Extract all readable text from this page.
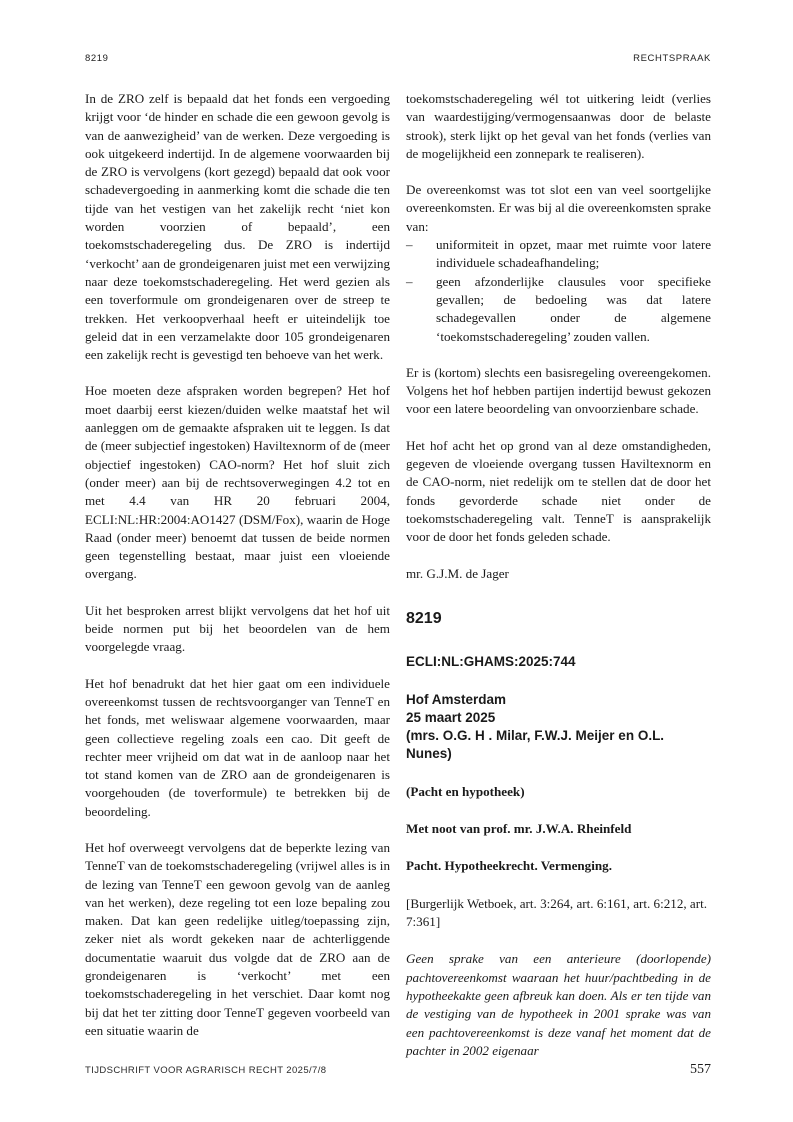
8219	RECHTSPRAAK

In de ZRO zelf is bepaald dat het fonds een vergoeding krijgt voor ‘de hinder en schade die een gewoon gevolg is van de aanwezigheid’ van de werken. Deze vergoeding is ook uitgekeerd indertijd. In de algemene voorwaarden bij de ZRO is vervolgens (kort gezegd) bepaald dat ook voor schadevergoeding in aanmerking komt die schade die ten tijde van het vestigen van het zakelijk recht ‘niet kon worden voorzien of bepaald’, een toekomstschaderegeling dus. De ZRO is indertijd ‘verkocht’ aan de grondeigenaren juist met een verwijzing naar deze toekomstschaderegeling. Het werd gezien als een toverformule om grondeigenaren over de streep te trekken. Het verkoopverhaal heeft er uiteindelijk toe geleid dat in een verzamelakte door 105 grondeigenaren een zakelijk recht is gevestigd ten behoeve van het werk.

Hoe moeten deze afspraken worden begrepen? Het hof moet daarbij eerst kiezen/duiden welke maatstaf het wil aanleggen om de gemaakte afspraken uit te leggen. Is dat de (meer subjectief ingestoken) Haviltexnorm of de (meer objectief ingestoken) CAO-norm? Het hof sluit zich (onder meer) aan bij de rechtsoverwegingen 4.2 tot en met 4.4 van HR 20 februari 2004, ECLI:NL:HR:2004:AO1427 (DSM/Fox), waarin de Hoge Raad (onder meer) benoemt dat tussen de beide normen geen tegenstelling bestaat, maar juist een vloeiende overgang.

Uit het besproken arrest blijkt vervolgens dat het hof uit beide normen put bij het beoordelen van de hem voorgelegde vraag.

Het hof benadrukt dat het hier gaat om een individuele overeenkomst tussen de rechtsvoorganger van TenneT en het fonds, met weliswaar algemene voorwaarden, maar geen collectieve regeling zoals een cao. Dit geeft de rechter meer vrijheid om dat wat in de aanloop naar het tot stand komen van de ZRO aan de grondeigenaren is voorgehouden (de toverformule) te betrekken bij de beoordeling.

Het hof overweegt vervolgens dat de beperkte lezing van TenneT van de toekomstschaderegeling (vrijwel alles is in de lezing van TenneT een gewoon gevolg van de aanleg van het werken), deze regeling tot een loze bepaling zou maken. Dat kan geen redelijke uitleg/toepassing zijn, zeker niet als wordt gekeken naar de achterliggende documentatie waaruit dus volgde dat de ZRO aan de grondeigenaren is ‘verkocht’ met een toekomstschaderegeling in het verschiet. Daar komt nog bij dat het ter zitting door TenneT gegeven voorbeeld van een situatie waarin de

toekomstschaderegeling wél tot uitkering leidt (verlies van waardestijging/vermogensaanwas door de belaste strook), sterk lijkt op het geval van het fonds (verlies van de mogelijkheid een zonnepark te realiseren).

De overeenkomst was tot slot een van veel soortgelijke overeenkomsten. Er was bij al die overeenkomsten sprake van:

–	uniformiteit in opzet, maar met ruimte voor latere individuele schadeafhandeling;
–	geen afzonderlijke clausules voor specifieke gevallen; de bedoeling was dat latere schadegevallen onder de algemene ‘toekomstschaderegeling’ zouden vallen.

Er is (kortom) slechts een basisregeling overeengekomen. Volgens het hof hebben partijen indertijd bewust gekozen voor een latere beoordeling van onvoorzienbare schade.

Het hof acht het op grond van al deze omstandigheden, gegeven de vloeiende overgang tussen Haviltexnorm en de CAO-norm, niet redelijk om te stellen dat de door het fonds gevorderde schade niet onder de toekomstschaderegeling valt. TenneT is aansprakelijk voor de door het fonds geleden schade.

mr. G.J.M. de Jager

8219
ECLI:NL:GHAMS:2025:744
Hof Amsterdam
25 maart 2025
(mrs. O.G. H . Milar, F.W.J. Meijer en O.L. Nunes)

(Pacht en hypotheek)

Met noot van prof. mr. J.W.A. Rheinfeld

Pacht. Hypotheekrecht. Vermenging.

[Burgerlijk Wetboek, art. 3:264, art. 6:161, art. 6:212, art. 7:361]

Geen sprake van een anterieure (doorlopende) pachtovereenkomst waaraan het huur/pachtbeding in de hypotheekakte geen afbreuk kan doen. Als er ten tijde van de vestiging van de hypotheek in 2001 sprake was van een pachtovereenkomst is deze vanaf het moment dat de pachter in 2002 eigenaar

TIJDSCHRIFT VOOR AGRARISCH RECHT 2025/7/8	557
